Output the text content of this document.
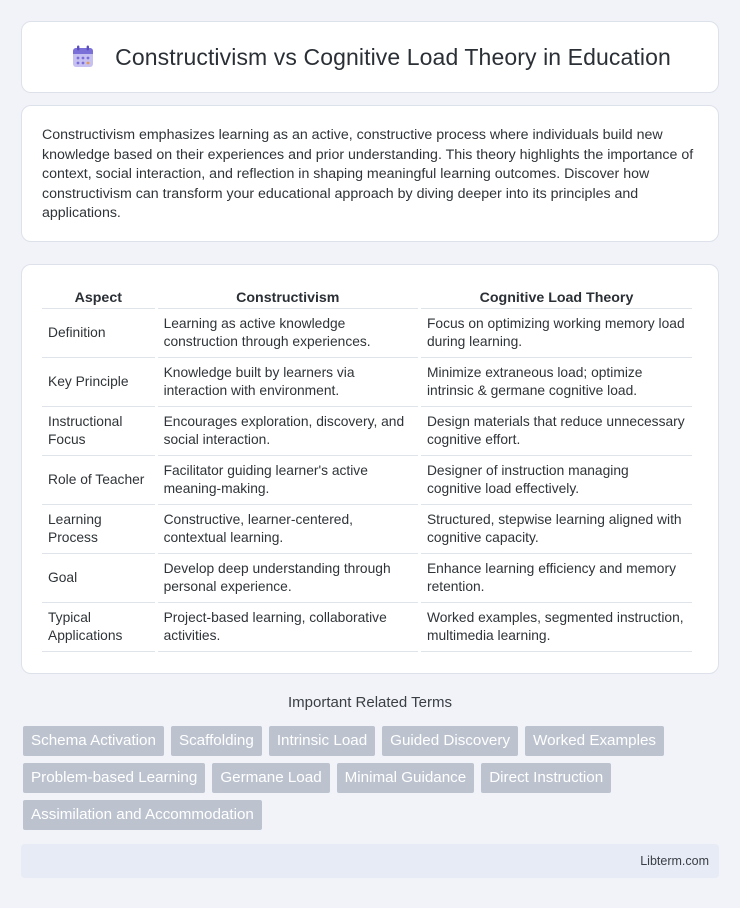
Constructivism vs Cognitive Load Theory in Education

Constructivism emphasizes learning as an active, constructive process where individuals build new knowledge based on their experiences and prior understanding. This theory highlights the importance of context, social interaction, and reflection in shaping meaningful learning outcomes. Discover how constructivism can transform your educational approach by diving deeper into its principles and applications.

Aspect	Constructivism	Cognitive Load Theory
Definition	Learning as active knowledge construction through experiences.	Focus on optimizing working memory load during learning.
Key Principle	Knowledge built by learners via interaction with environment.	Minimize extraneous load; optimize intrinsic & germane cognitive load.
Instructional Focus	Encourages exploration, discovery, and social interaction.	Design materials that reduce unnecessary cognitive effort.
Role of Teacher	Facilitator guiding learner's active meaning-making.	Designer of instruction managing cognitive load effectively.
Learning Process	Constructive, learner-centered, contextual learning.	Structured, stepwise learning aligned with cognitive capacity.
Goal	Develop deep understanding through personal experience.	Enhance learning efficiency and memory retention.
Typical Applications	Project-based learning, collaborative activities.	Worked examples, segmented instruction, multimedia learning.
Important Related Terms
Schema Activation	Scaffolding	Intrinsic Load	Guided Discovery	Worked Examples
Problem-based Learning	Germane Load	Minimal Guidance	Direct Instruction
Assimilation and Accommodation
Libterm.com
